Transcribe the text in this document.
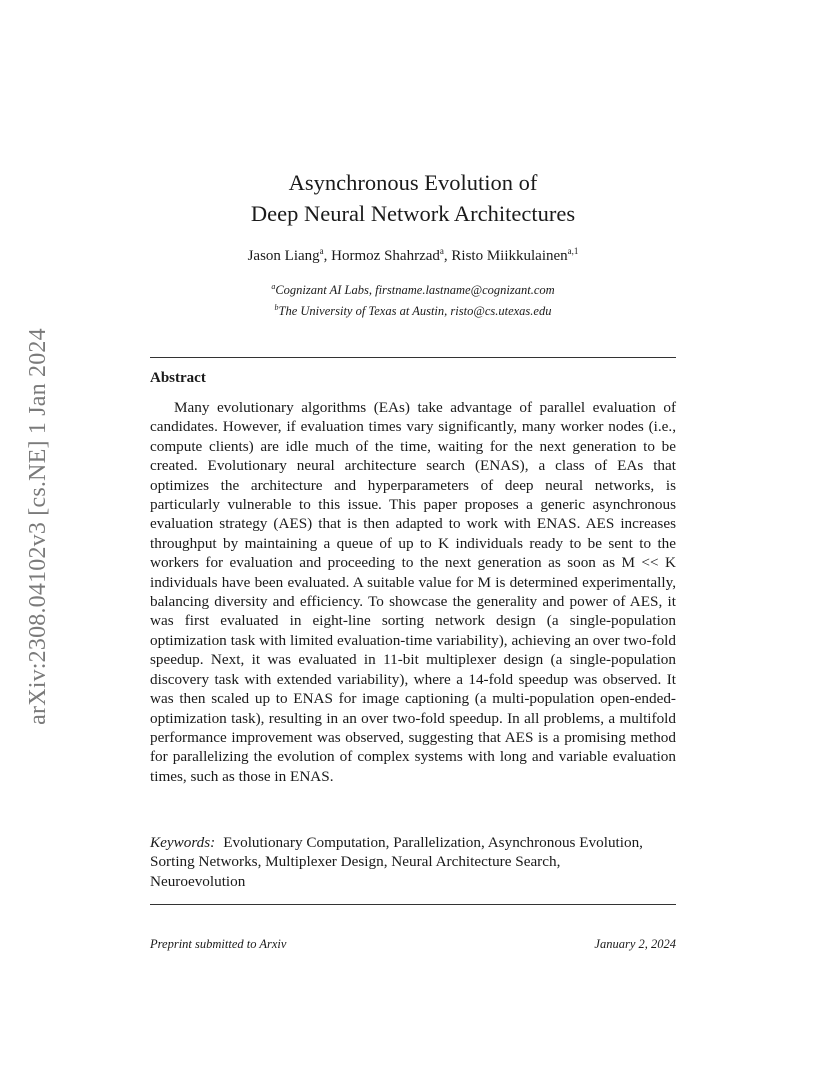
arXiv:2308.04102v3 [cs.NE] 1 Jan 2024
Asynchronous Evolution of
Deep Neural Network Architectures
Jason Liang$^a$, Hormoz Shahrzad$^a$, Risto Miikkulainen$^{a,1}$
$^a$Cognizant AI Labs, firstname.lastname@cognizant.com
$^b$The University of Texas at Austin, risto@cs.utexas.edu
Abstract

Many evolutionary algorithms (EAs) take advantage of parallel evaluation of candidates. However, if evaluation times vary significantly, many worker nodes (i.e., compute clients) are idle much of the time, waiting for the next generation to be created. Evolutionary neural architecture search (ENAS), a class of EAs that optimizes the architecture and hyperparameters of deep neural networks, is particularly vulnerable to this issue. This paper proposes a generic asynchronous evaluation strategy (AES) that is then adapted to work with ENAS. AES increases throughput by maintaining a queue of up to K individuals ready to be sent to the workers for evaluation and proceeding to the next generation as soon as M << K individuals have been evaluated. A suitable value for M is determined experimentally, balancing diversity and efficiency. To showcase the generality and power of AES, it was first evaluated in eight-line sorting network design (a single-population optimization task with limited evaluation-time variability), achieving an over two-fold speedup. Next, it was evaluated in 11-bit multiplexer design (a single-population discovery task with extended variability), where a 14-fold speedup was observed. It was then scaled up to ENAS for image captioning (a multi-population open-ended-optimization task), resulting in an over two-fold speedup. In all problems, a multifold performance improvement was observed, suggesting that AES is a promising method for parallelizing the evolution of complex systems with long and variable evaluation times, such as those in ENAS.

Keywords: Evolutionary Computation, Parallelization, Asynchronous Evolution, Sorting Networks, Multiplexer Design, Neural Architecture Search, Neuroevolution

Preprint submitted to Arxiv	January 2, 2024
